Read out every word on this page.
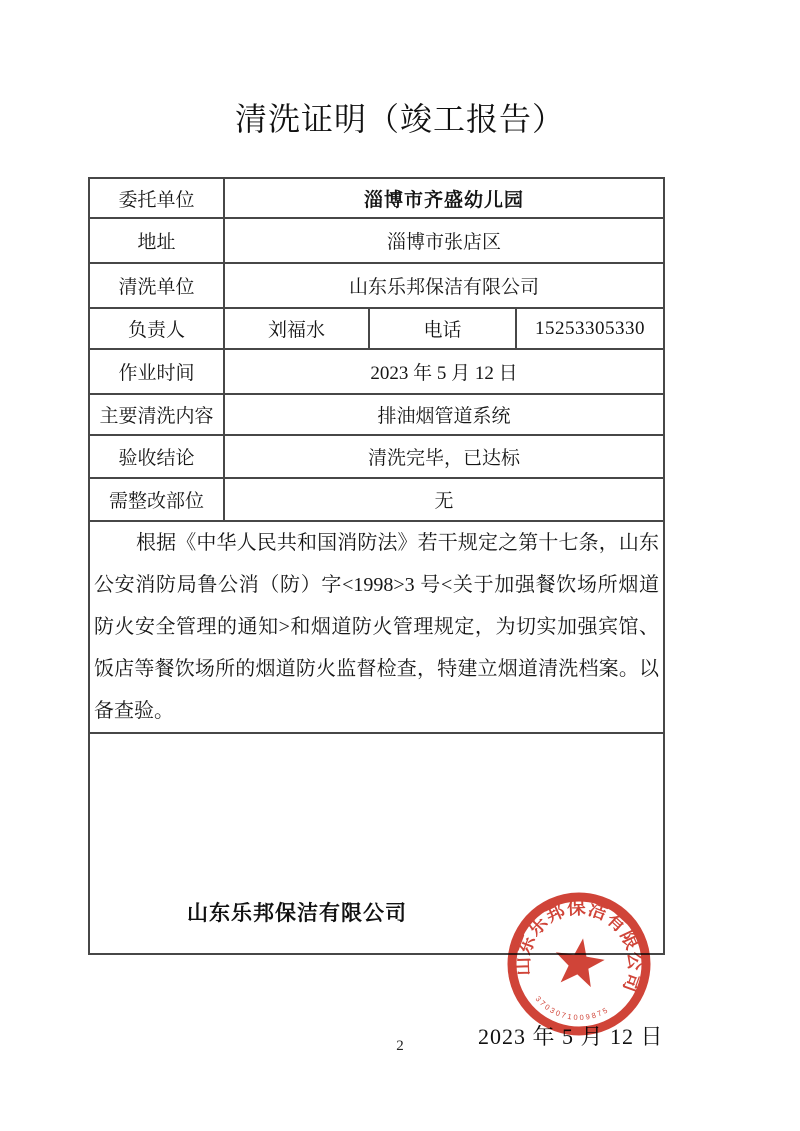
清洗证明（竣工报告）
委托单位	淄博市齐盛幼儿园		
地址	淄博市张店区		
清洗单位	山东乐邦保洁有限公司		
负责人	刘福水	电话	15253305330
作业时间	2023 年 5 月 12 日		
主要清洗内容	排油烟管道系统		
验收结论	清洗完毕，已达标		
需整改部位	无		

根据《中华人民共和国消防法》若干规定之第十七条，山东公安消防局鲁公消（防）字<1998>3 号<关于加强餐饮场所烟道防火安全管理的通知>和烟道防火管理规定，为切实加强宾馆、饭店等餐饮场所的烟道防火监督检查，特建立烟道清洗档案。以备查验。			

山东乐邦保洁有限公司
2023 年 5 月 12 日
山东乐邦保洁有限公司
3703071009875			
2
